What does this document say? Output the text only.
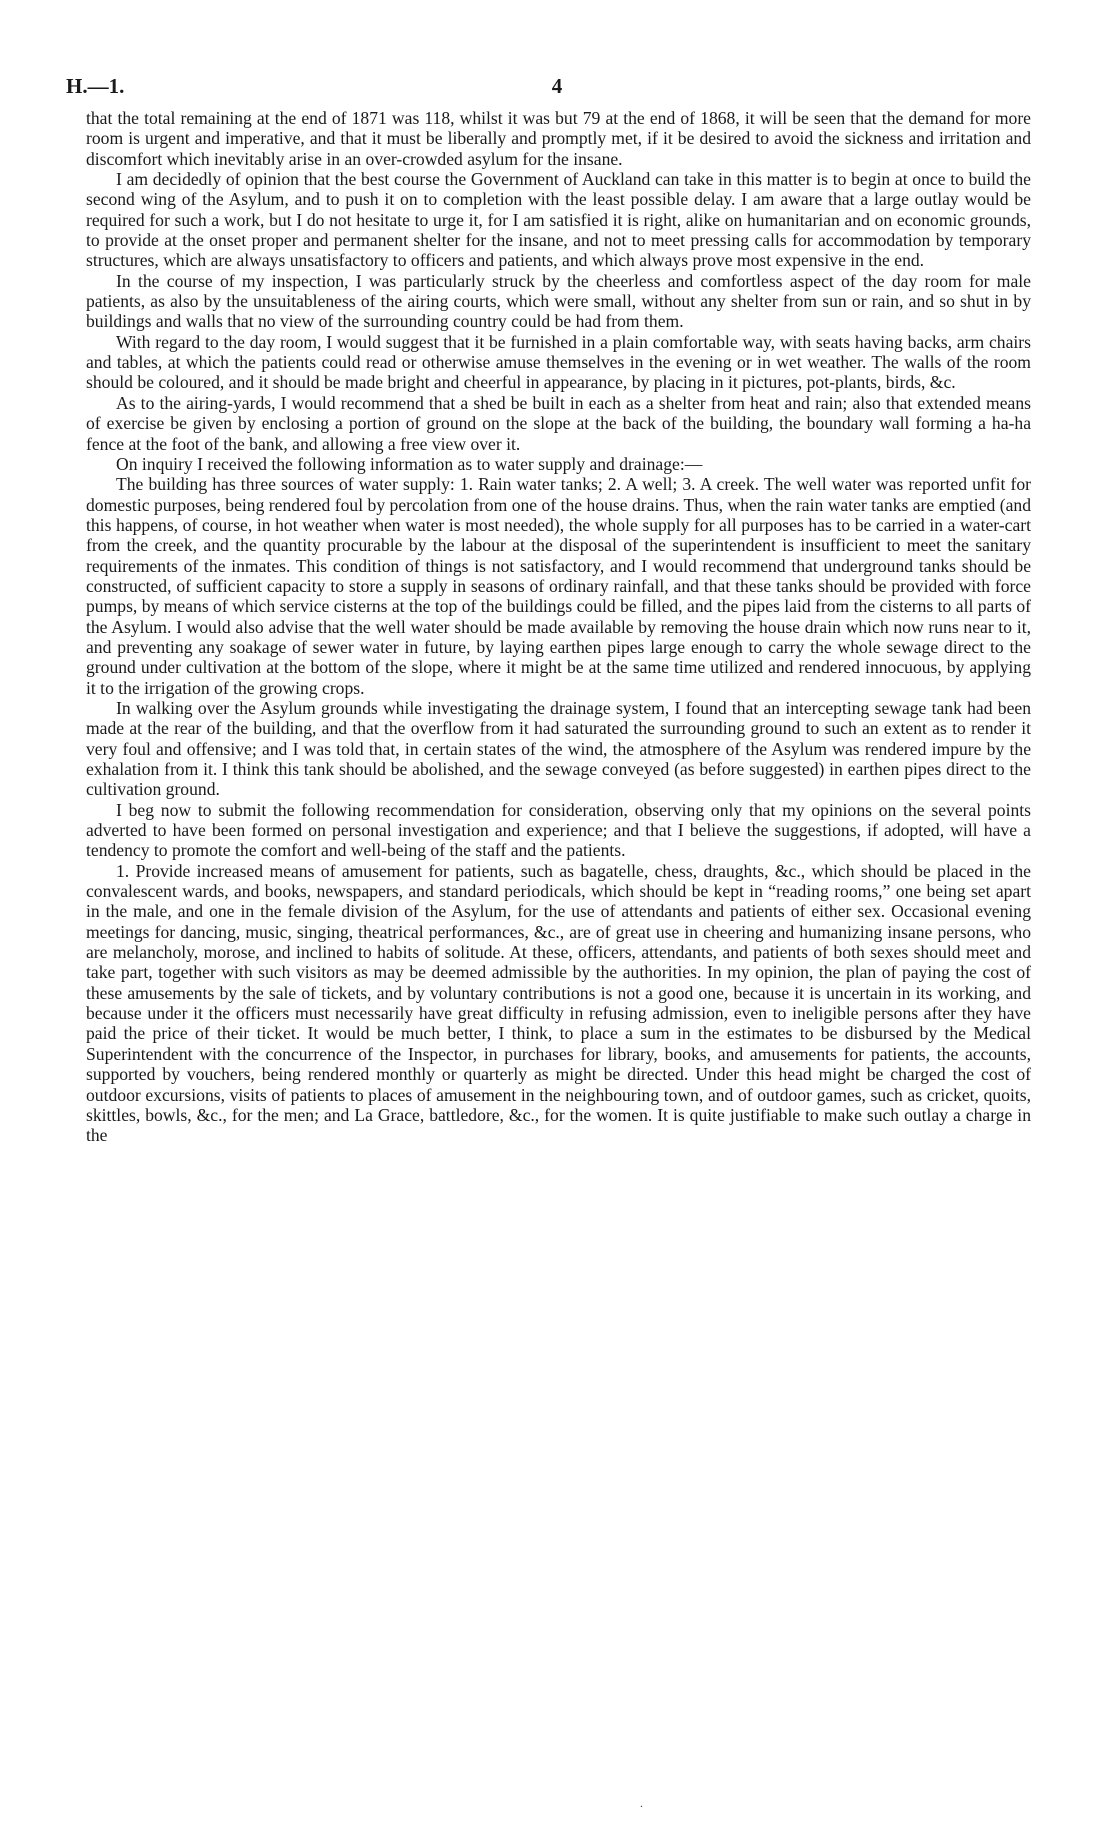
H.—1.	4

that the total remaining at the end of 1871 was 118, whilst it was but 79 at the end of 1868, it will be seen that the demand for more room is urgent and imperative, and that it must be liberally and promptly met, if it be desired to avoid the sickness and irritation and discomfort which inevitably arise in an over-crowded asylum for the insane.

I am decidedly of opinion that the best course the Government of Auckland can take in this matter is to begin at once to build the second wing of the Asylum, and to push it on to completion with the least possible delay. I am aware that a large outlay would be required for such a work, but I do not hesitate to urge it, for I am satisfied it is right, alike on humanitarian and on economic grounds, to provide at the onset proper and permanent shelter for the insane, and not to meet pressing calls for accommodation by temporary structures, which are always unsatisfactory to officers and patients, and which always prove most expensive in the end.

In the course of my inspection, I was particularly struck by the cheerless and comfortless aspect of the day room for male patients, as also by the unsuitableness of the airing courts, which were small, without any shelter from sun or rain, and so shut in by buildings and walls that no view of the surrounding country could be had from them.

With regard to the day room, I would suggest that it be furnished in a plain comfortable way, with seats having backs, arm chairs and tables, at which the patients could read or otherwise amuse themselves in the evening or in wet weather. The walls of the room should be coloured, and it should be made bright and cheerful in appearance, by placing in it pictures, pot-plants, birds, &c.

As to the airing-yards, I would recommend that a shed be built in each as a shelter from heat and rain; also that extended means of exercise be given by enclosing a portion of ground on the slope at the back of the building, the boundary wall forming a ha-ha fence at the foot of the bank, and allowing a free view over it.

On inquiry I received the following information as to water supply and drainage:—

The building has three sources of water supply: 1. Rain water tanks; 2. A well; 3. A creek. The well water was reported unfit for domestic purposes, being rendered foul by percolation from one of the house drains. Thus, when the rain water tanks are emptied (and this happens, of course, in hot weather when water is most needed), the whole supply for all purposes has to be carried in a water-cart from the creek, and the quantity procurable by the labour at the disposal of the superintendent is insufficient to meet the sanitary requirements of the inmates. This condition of things is not satisfactory, and I would recommend that underground tanks should be constructed, of sufficient capacity to store a supply in seasons of ordinary rainfall, and that these tanks should be provided with force pumps, by means of which service cisterns at the top of the buildings could be filled, and the pipes laid from the cisterns to all parts of the Asylum. I would also advise that the well water should be made available by removing the house drain which now runs near to it, and preventing any soakage of sewer water in future, by laying earthen pipes large enough to carry the whole sewage direct to the ground under cultivation at the bottom of the slope, where it might be at the same time utilized and rendered innocuous, by applying it to the irrigation of the growing crops.

In walking over the Asylum grounds while investigating the drainage system, I found that an intercepting sewage tank had been made at the rear of the building, and that the overflow from it had saturated the surrounding ground to such an extent as to render it very foul and offensive; and I was told that, in certain states of the wind, the atmosphere of the Asylum was rendered impure by the exhalation from it. I think this tank should be abolished, and the sewage conveyed (as before suggested) in earthen pipes direct to the cultivation ground.

I beg now to submit the following recommendation for consideration, observing only that my opinions on the several points adverted to have been formed on personal investigation and experience; and that I believe the suggestions, if adopted, will have a tendency to promote the comfort and well-being of the staff and the patients.

1. Provide increased means of amusement for patients, such as bagatelle, chess, draughts, &c., which should be placed in the convalescent wards, and books, newspapers, and standard periodicals, which should be kept in “reading rooms,” one being set apart in the male, and one in the female division of the Asylum, for the use of attendants and patients of either sex. Occasional evening meetings for dancing, music, singing, theatrical performances, &c., are of great use in cheering and humanizing insane persons, who are melancholy, morose, and inclined to habits of solitude. At these, officers, attendants, and patients of both sexes should meet and take part, together with such visitors as may be deemed admissible by the authorities. In my opinion, the plan of paying the cost of these amusements by the sale of tickets, and by voluntary contributions is not a good one, because it is uncertain in its working, and because under it the officers must necessarily have great difficulty in refusing admission, even to ineligible persons after they have paid the price of their ticket. It would be much better, I think, to place a sum in the estimates to be disbursed by the Medical Superintendent with the concurrence of the Inspector, in purchases for library, books, and amusements for patients, the accounts, supported by vouchers, being rendered monthly or quarterly as might be directed. Under this head might be charged the cost of outdoor excursions, visits of patients to places of amusement in the neighbouring town, and of outdoor games, such as cricket, quoits, skittles, bowls, &c., for the men; and La Grace, battledore, &c., for the women. It is quite justifiable to make such outlay a charge in the

.
